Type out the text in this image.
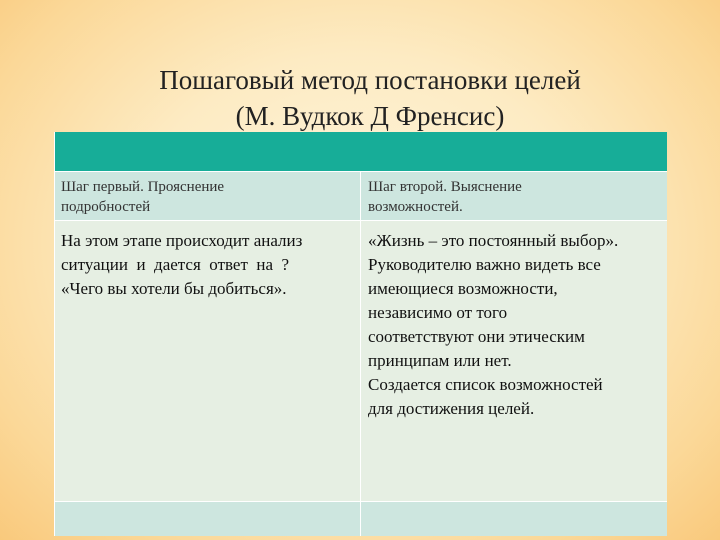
Пошаговый метод постановки целей
(М. Вудкок Д Френсис)
Шаг первый. Прояснение
подробностей
Шаг второй. Выяснение
возможностей.
На этом этапе происходит анализ
ситуации  и  дается  ответ  на  ?
«Чего вы хотели бы добиться».
«Жизнь – это постоянный выбор».
Руководителю важно видеть все
имеющиеся возможности,
независимо от того
соответствуют они этическим
принципам или нет.
Создается список возможностей
для достижения целей.
